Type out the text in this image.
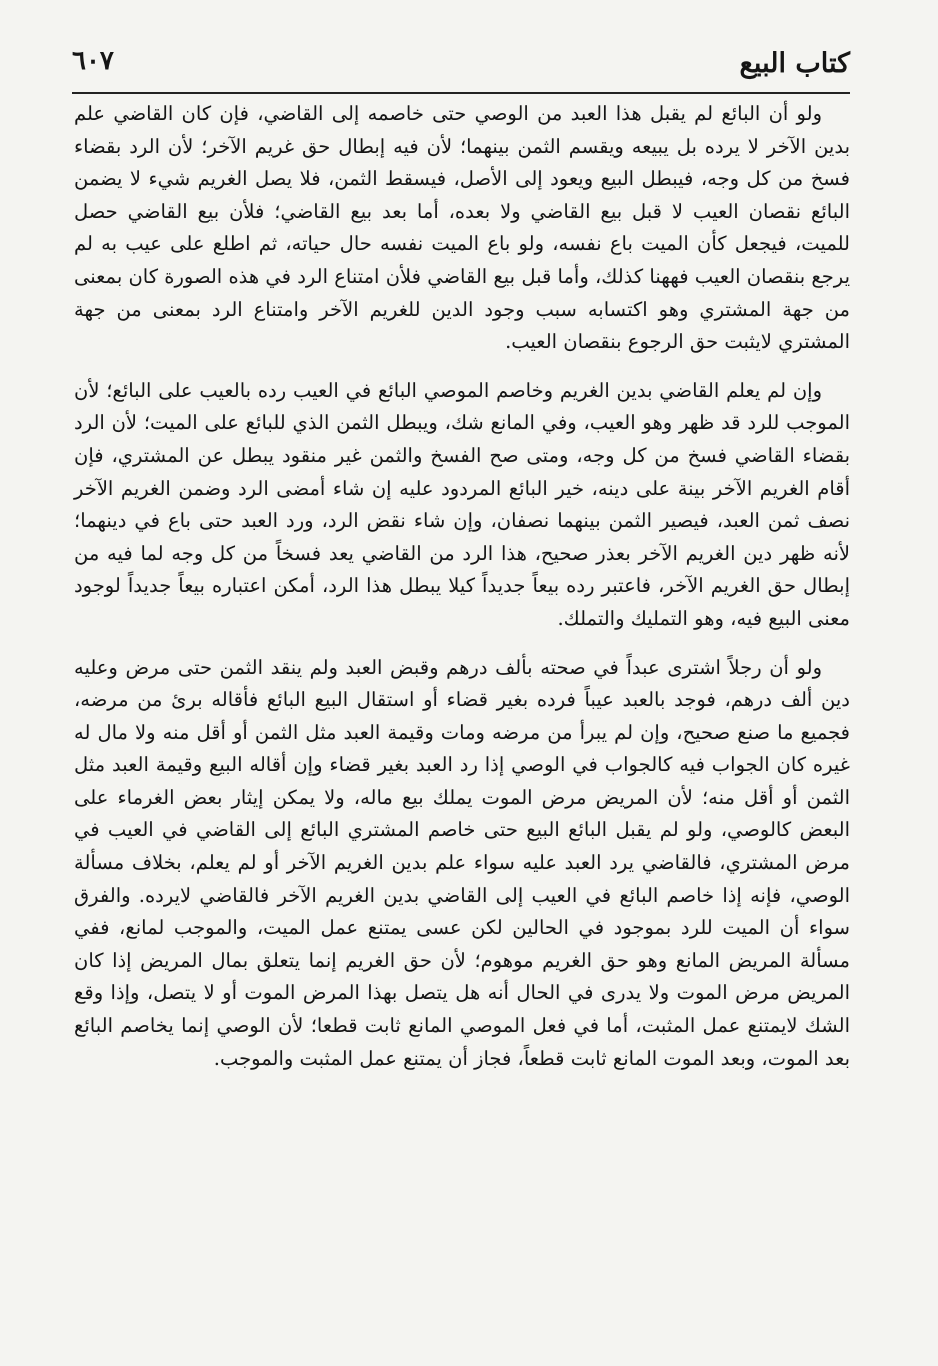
كتاب البيع
٦٠٧

ولو أن البائع لم يقبل هذا العبد من الوصي حتى خاصمه إلى القاضي، فإن كان القاضي علم بدين الآخر لا يرده بل يبيعه ويقسم الثمن بينهما؛ لأن فيه إبطال حق غريم الآخر؛ لأن الرد بقضاء فسخ من كل وجه، فيبطل البيع ويعود إلى الأصل، فيسقط الثمن، فلا يصل الغريم شيء لا يضمن البائع نقصان العيب لا قبل بيع القاضي ولا بعده، أما بعد بيع القاضي؛ فلأن بيع القاضي حصل للميت، فيجعل كأن الميت باع نفسه، ولو باع الميت نفسه حال حياته، ثم اطلع على عيب به لم يرجع بنقصان العيب فههنا كذلك، وأما قبل بيع القاضي فلأن امتناع الرد في هذه الصورة كان بمعنى من جهة المشتري وهو اكتسابه سبب وجود الدين للغريم الآخر وامتناع الرد بمعنى من جهة المشتري لايثبت حق الرجوع بنقصان العيب.

وإن لم يعلم القاضي بدين الغريم وخاصم الموصي البائع في العيب رده بالعيب على البائع؛ لأن الموجب للرد قد ظهر وهو العيب، وفي المانع شك، ويبطل الثمن الذي للبائع على الميت؛ لأن الرد بقضاء القاضي فسخ من كل وجه، ومتى صح الفسخ والثمن غير منقود يبطل عن المشتري، فإن أقام الغريم الآخر بينة على دينه، خير البائع المردود عليه إن شاء أمضى الرد وضمن الغريم الآخر نصف ثمن العبد، فيصير الثمن بينهما نصفان، وإن شاء نقض الرد، ورد العبد حتى باع في دينهما؛ لأنه ظهر دين الغريم الآخر بعذر صحيح، هذا الرد من القاضي يعد فسخاً من كل وجه لما فيه من إبطال حق الغريم الآخر، فاعتبر رده بيعاً جديداً كيلا يبطل هذا الرد، أمكن اعتباره بيعاً جديداً لوجود معنى البيع فيه، وهو التمليك والتملك.

ولو أن رجلاً اشترى عبداً في صحته بألف درهم وقبض العبد ولم ينقد الثمن حتى مرض وعليه دين ألف درهم، فوجد بالعبد عيباً فرده بغير قضاء أو استقال البيع البائع فأقاله برئ من مرضه، فجميع ما صنع صحيح، وإن لم يبرأ من مرضه ومات وقيمة العبد مثل الثمن أو أقل منه ولا مال له غيره كان الجواب فيه كالجواب في الوصي إذا رد العبد بغير قضاء وإن أقاله البيع وقيمة العبد مثل الثمن أو أقل منه؛ لأن المريض مرض الموت يملك بيع ماله، ولا يمكن إيثار بعض الغرماء على البعض كالوصي، ولو لم يقبل البائع البيع حتى خاصم المشتري البائع إلى القاضي في العيب في مرض المشتري، فالقاضي يرد العبد عليه سواء علم بدين الغريم الآخر أو لم يعلم، بخلاف مسألة الوصي، فإنه إذا خاصم البائع في العيب إلى القاضي بدين الغريم الآخر فالقاضي لايرده. والفرق سواء أن الميت للرد بموجود في الحالين لكن عسى يمتنع عمل الميت، والموجب لمانع، ففي مسألة المريض المانع وهو حق الغريم موهوم؛ لأن حق الغريم إنما يتعلق بمال المريض إذا كان المريض مرض الموت ولا يدرى في الحال أنه هل يتصل بهذا المرض الموت أو لا يتصل، وإذا وقع الشك لايمتنع عمل المثبت، أما في فعل الموصي المانع ثابت قطعا؛ لأن الوصي إنما يخاصم البائع بعد الموت، وبعد الموت المانع ثابت قطعاً، فجاز أن يمتنع عمل المثبت والموجب.
